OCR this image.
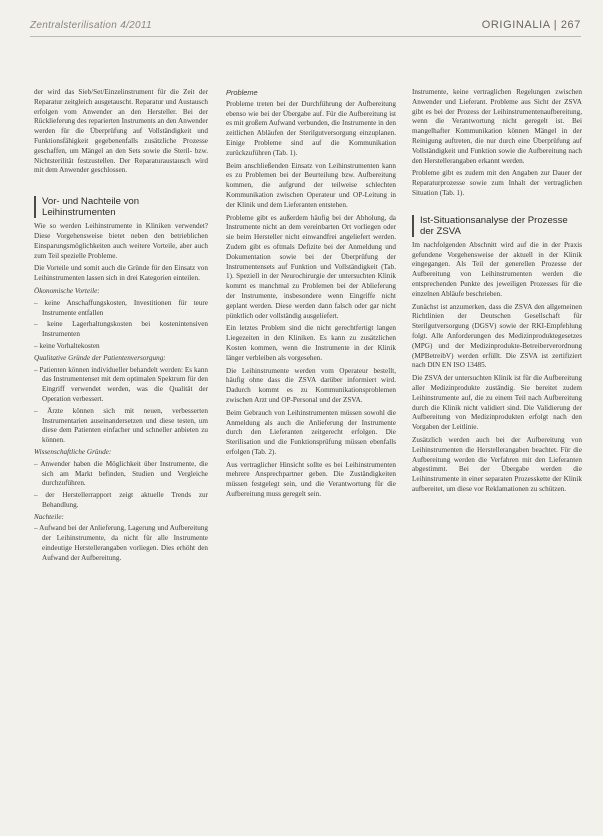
Zentralsterilisation 4/2011	ORIGINALIA | 267

der wird das Sieb/Set/Einzelinstrument für die Zeit der Reparatur zeitgleich ausgetauscht. Reparatur und Austausch erfolgen vom Anwender an den Hersteller. Bei der Rücklieferung des reparierten Instruments an den Anwender werden für die Überprüfung auf Vollständigkeit und Funktionsfähigkeit gegebenenfalls zusätzliche Prozesse geschaffen, um Mängel an den Sets sowie die Steril- bzw. Nichtsterilität festzustellen. Der Reparaturaustausch wird mit dem Anwender geschlossen.

Vor- und Nachteile von Leihinstrumenten

Wie so werden Leihinstrumente in Kliniken verwendet? Diese Vorgehensweise bietet neben den betrieblichen Einsparungsmöglichkeiten auch weitere Vorteile, aber auch zum Teil spezielle Probleme.

Die Vorteile und somit auch die Gründe für den Einsatz von Leihinstrumenten lassen sich in drei Kategorien einteilen.

Ökonomische Vorteile:
– keine Anschaffungskosten, Investitionen für teure Instrumente entfallen
– keine Lagerhaltungskosten bei kostenintensiven Instrumenten
– keine Vorhaltekosten
Qualitative Gründe der Patientenversorgung:
– Patienten können individueller behandelt werden: Es kann das Instrumentenset mit dem optimalen Spektrum für den Eingriff verwendet werden, was die Qualität der Operation verbessert.
– Ärzte können sich mit neuen, verbesserten Instrumentarien auseinandersetzen und diese testen, um diese dem Patienten einfacher und schneller anbieten zu können.
Wissenschaftliche Gründe:
– Anwender haben die Möglichkeit über Instrumente, die sich am Markt befinden, Studien und Vergleiche durchzuführen.
– der Herstellerrapport zeigt aktuelle Trends zur Behandlung.
Nachteile:
– Aufwand bei der Anlieferung, Lagerung und Aufbereitung der Leihinstrumente, da nicht für alle Instrumente eindeutige Herstellerangaben vorliegen. Dies erhöht den Aufwand der Aufbereitung.
Probleme

Probleme treten bei der Durchführung der Aufbereitung ebenso wie bei der Übergabe auf. Für die Aufbereitung ist es mit großem Aufwand verbunden, die Instrumente in den zeitlichen Abläufen der Sterilgutversorgung einzuplanen. Einige Probleme sind auf die Kommunikation zurückzuführen (Tab. 1).

Beim anschließenden Einsatz von Leihinstrumenten kann es zu Problemen bei der Beurteilung bzw. Aufbereitung kommen, die aufgrund der teilweise schlechten Kommunikation zwischen Operateur und OP-Leitung in der Klinik und dem Lieferanten entstehen.

Probleme gibt es außerdem häufig bei der Abholung, da Instrumente nicht an dem vereinbarten Ort vorliegen oder sie beim Hersteller nicht einwandfrei angeliefert werden. Zudem gibt es oftmals Defizite bei der Anmeldung und Dokumentation sowie bei der Überprüfung der Instrumentensets auf Funktion und Vollständigkeit (Tab. 1). Speziell in der Neurochirurgie der untersuchten Klinik kommt es manchmal zu Problemen bei der Ablieferung der Instrumente, insbesondere wenn Eingriffe nicht geplant werden. Diese werden dann falsch oder gar nicht pünktlich oder vollständig ausgeliefert.

Ein letztes Problem sind die nicht gerechtfertigt langen Liegezeiten in den Kliniken. Es kann zu zusätzlichen Kosten kommen, wenn die Instrumente in der Klinik länger verbleiben als vorgesehen.

Die Leihinstrumente werden vom Operateur bestellt, häufig ohne dass die ZSVA darüber informiert wird. Dadurch kommt es zu Kommunikationsproblemen zwischen Arzt und OP-Personal und der ZSVA.

Beim Gebrauch von Leihinstrumenten müssen sowohl die Anmeldung als auch die Anlieferung der Instrumente durch den Lieferanten zeitgerecht erfolgen. Die Sterilisation und die Funktionsprüfung müssen ebenfalls erfolgen (Tab. 2).

Aus vertraglicher Hinsicht sollte es bei Leihinstrumenten mehrere Ansprechpartner geben. Die Zuständigkeiten müssen festgelegt sein, und die Verantwortung für die Aufbereitung muss geregelt sein.

Instrumente, keine vertraglichen Regelungen zwischen Anwender und Lieferant. Probleme aus Sicht der ZSVA gibt es bei der Prozess der Leihinstrumentenaufbereitung, wenn die Verantwortung nicht geregelt ist. Bei mangelhafter Kommunikation können Mängel in der Reinigung auftreten, die nur durch eine Überprüfung auf Vollständigkeit und Funktion sowie die Aufbereitung nach den Herstellerangaben erkannt werden.

Probleme gibt es zudem mit den Angaben zur Dauer der Reparaturprozesse sowie zum Inhalt der vertraglichen Situation (Tab. 1).

Ist-Situationsanalyse der Prozesse der ZSVA

Im nachfolgenden Abschnitt wird auf die in der Praxis gefundene Vorgehensweise der aktuell in der Klinik eingegangen. Als Teil der generellen Prozesse der Aufbereitung von Leihinstrumenten werden die entsprechenden Punkte des jeweiligen Prozesses für die einzelnen Abläufe beschrieben.

Zunächst ist anzumerken, dass die ZSVA den allgemeinen Richtlinien der Deutschen Gesellschaft für Sterilgutversorgung (DGSV) sowie der RKI-Empfehlung folgt. Alle Anforderungen des Medizinproduktegesetzes (MPG) und der Medizinprodukte-Betreiberverordnung (MPBetreibV) werden erfüllt. Die ZSVA ist zertifiziert nach DIN EN ISO 13485.

Die ZSVA der untersuchten Klinik ist für die Aufbereitung aller Medizinprodukte zuständig. Sie bereitet zudem Leihinstrumente auf, die zu einem Teil nach Aufbereitung durch die Klinik nicht validiert sind. Die Validierung der Aufbereitung von Medizinprodukten erfolgt nach den Vorgaben der Leitlinie.

Zusätzlich werden auch bei der Aufbereitung von Leihinstrumenten die Herstellerangaben beachtet. Für die Aufbereitung werden die Verfahren mit den Lieferanten abgestimmt. Bei der Übergabe werden die Leihinstrumente in einer separaten Prozesskette der Klinik aufbereitet, um diese vor Reklamationen zu schützen.
